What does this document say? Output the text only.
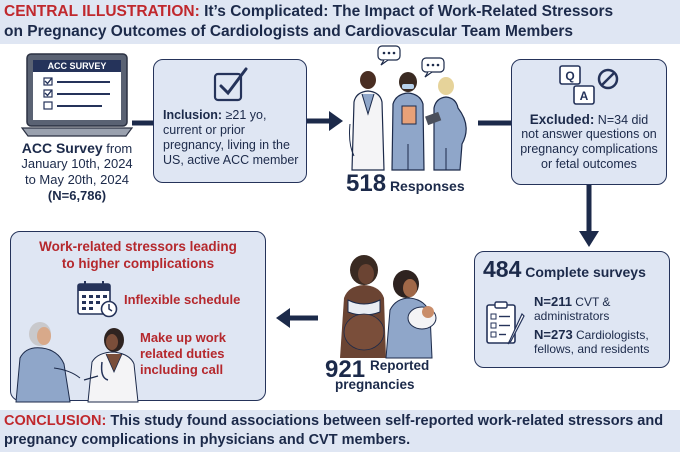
CENTRAL ILLUSTRATION: It’s Complicated: The Impact of Work-Related Stressors
on Pregnancy Outcomes of Cardiologists and Cardiovascular Team Members
ACC SURVEY
ACC Survey from
January 10th, 2024
to May 20th, 2024
(N=6,786)
Inclusion: ≥21 yo,
current or prior
pregnancy, living in the
US, active ACC member
518 Responses
Q
A
Excluded: N=34 did
not answer questions on
pregnancy complications
or fetal outcomes
484 Complete surveys
N=211 CVT &
administrators
N=273 Cardiologists,
fellows, and residents
921 Reported
pregnancies
Work-related stressors leading
to higher complications
Inflexible schedule
Make up work
related duties
including call
CONCLUSION: This study found associations between self-reported work-related stressors and
pregnancy complications in physicians and CVT members.
